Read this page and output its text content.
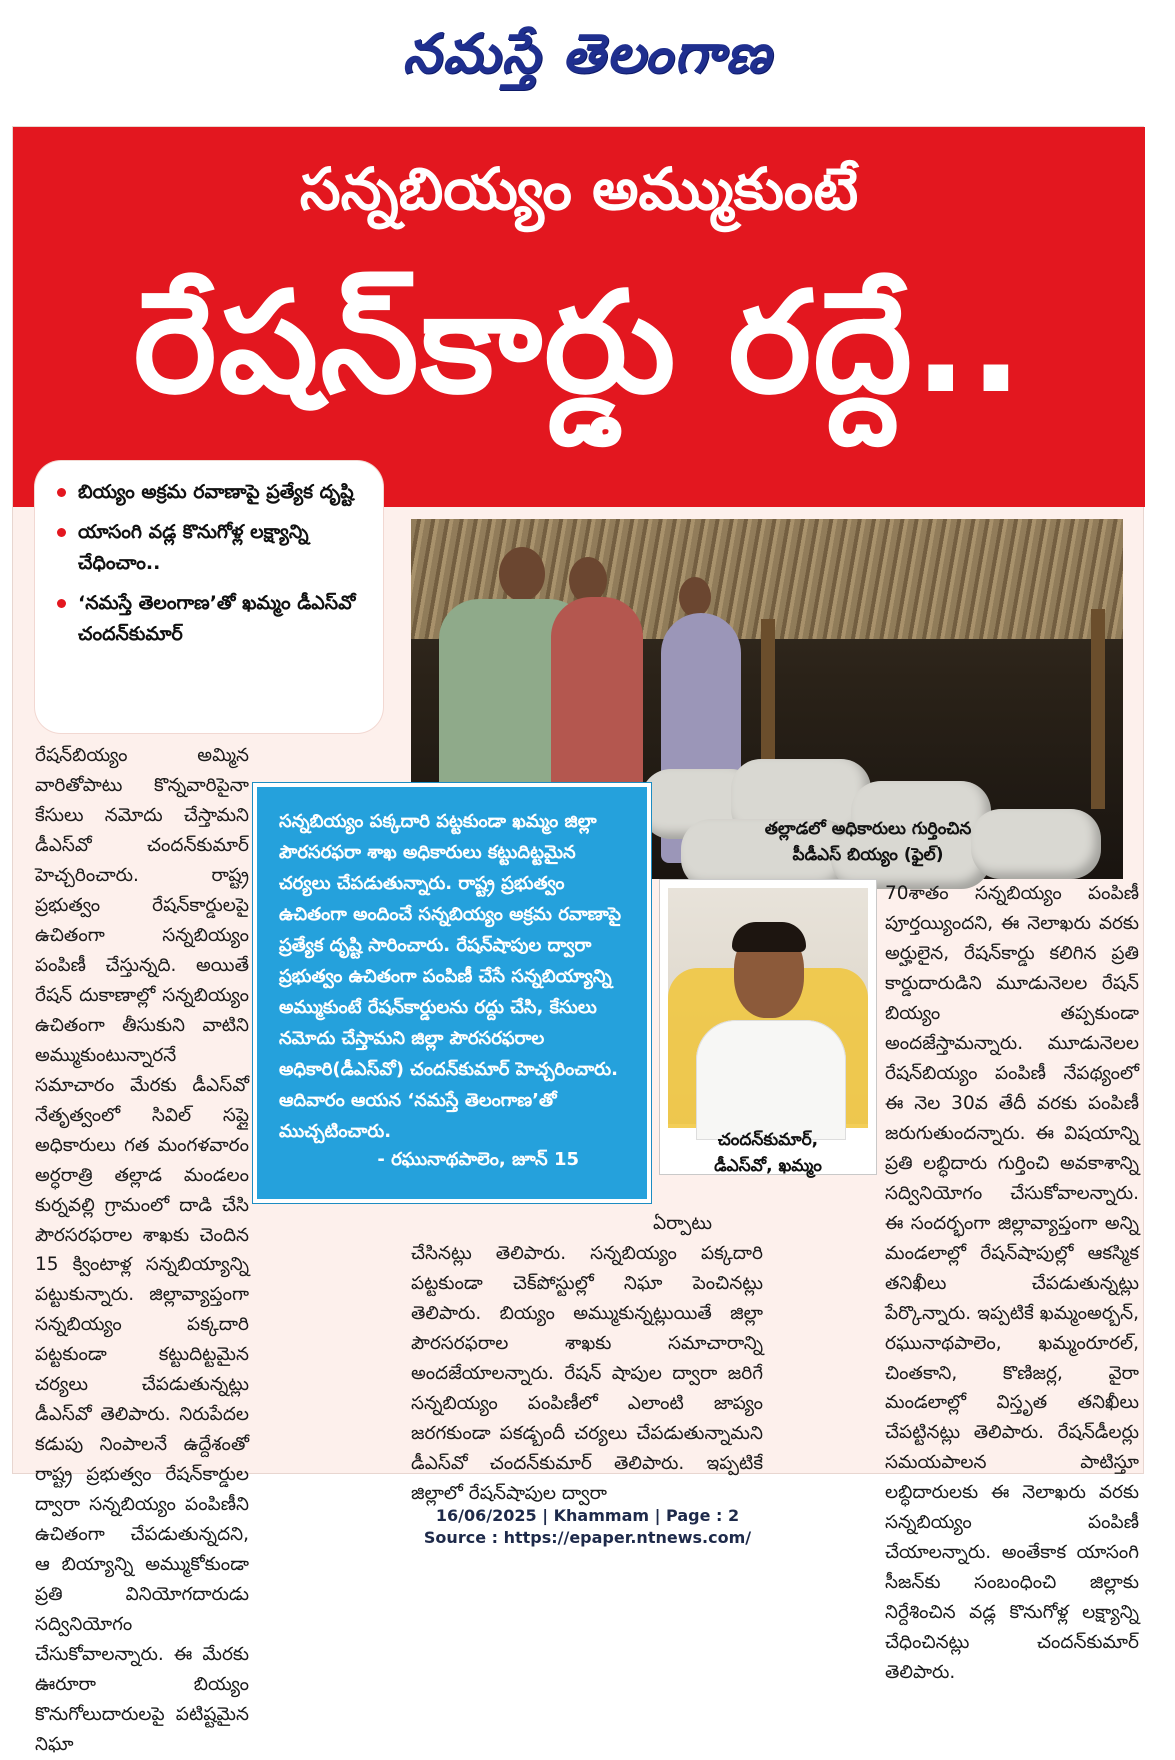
నమస్తే తెలంగాణ
సన్నబియ్యం అమ్ముకుంటే
రేషన్‌కార్డు రద్దే..
బియ్యం అక్రమ రవాణాపై ప్రత్యేక దృష్టి
యాసంగి వడ్ల కొనుగోళ్ల లక్ష్యాన్ని చేధించాం..
‘నమస్తే తెలంగాణ’తో ఖమ్మం డీఎస్‌వో చందన్‌కుమార్
సన్నబియ్యం పక్కదారి పట్టకుండా ఖమ్మం జిల్లా పౌరసరఫరా శాఖ అధికారులు కట్టుదిట్టమైన చర్యలు చేపడుతున్నారు. రాష్ట్ర ప్రభుత్వం ఉచితంగా అందించే సన్నబియ్యం అక్రమ రవాణాపై ప్రత్యేక దృష్టి సారించారు. రేషన్‌షాపుల ద్వారా ప్రభుత్వం ఉచితంగా పంపిణీ చేసే సన్నబియ్యాన్ని అమ్ముకుంటే రేషన్‌కార్డులను రద్దు చేసి, కేసులు నమోదు చేస్తామని జిల్లా పౌరసరఫరాల అధికారి(డీఎస్‌వో) చందన్‌కుమార్ హెచ్చరించారు. ఆదివారం ఆయన ‘నమస్తే తెలంగాణ’తో ముచ్చటించారు.
- రఘునాథపాలెం, జూన్ 15
చందన్‌కుమార్,
డీఎస్‌వో, ఖమ్మం

రేషన్‌బియ్యం అమ్మిన వారితోపాటు కొన్నవారిపైనా కేసులు నమోదు చేస్తామని డీఎస్‌వో చందన్‌కుమార్ హెచ్చరించారు. రాష్ట్ర ప్రభుత్వం రేషన్‌కార్డులపై ఉచితంగా సన్నబియ్యం పంపిణీ చేస్తున్నది. అయితే రేషన్ దుకాణాల్లో సన్నబియ్యం ఉచితంగా తీసుకుని వాటిని అమ్ముకుంటున్నారనే సమాచారం మేరకు డీఎస్‌వో నేతృత్వంలో సివిల్ సప్లై అధికారులు గత మంగళవారం అర్ధరాత్రి తల్లాడ మండలం కుర్నవల్లి గ్రామంలో దాడి చేసి పౌరసరఫరాల శాఖకు చెందిన 15 క్వింటాళ్ల సన్నబియ్యాన్ని పట్టుకున్నారు. జిల్లావ్యాప్తంగా సన్నబియ్యం పక్కదారి పట్టకుండా కట్టుదిట్టమైన చర్యలు చేపడుతున్నట్లు డీఎస్‌వో తెలిపారు. నిరుపేదల కడుపు నింపాలనే ఉద్దేశంతో రాష్ట్ర ప్రభుత్వం రేషన్‌కార్డుల ద్వారా సన్నబియ్యం పంపిణీని ఉచితంగా చేపడుతున్నదని, ఆ బియ్యాన్ని అమ్ముకోకుండా ప్రతి వినియోగదారుడు సద్వినియోగం చేసుకోవాలన్నారు. ఈ మేరకు ఊరూరా బియ్యం కొనుగోలుదారులపై పటిష్టమైన నిఘా

ఏర్పాటు

చేసినట్లు తెలిపారు. సన్నబియ్యం పక్కదారి పట్టకుండా చెక్‌పోస్టుల్లో నిఘా పెంచినట్లు తెలిపారు. బియ్యం అమ్ముకున్నట్లుయితే జిల్లా పౌరసరఫరాల శాఖకు సమాచారాన్ని అందజేయాలన్నారు. రేషన్ షాపుల ద్వారా జరిగే సన్నబియ్యం పంపిణీలో ఎలాంటి జాప్యం జరగకుండా పకడ్బందీ చర్యలు చేపడుతున్నామని డీఎస్‌వో చందన్‌కుమార్ తెలిపారు. ఇప్పటికే జిల్లాలో రేషన్‌షాపుల ద్వారా

70శాతం సన్నబియ్యం పంపిణీ పూర్తయ్యిందని, ఈ నెలాఖరు వరకు అర్హులైన, రేషన్‌కార్డు కలిగిన ప్రతి కార్డుదారుడిని మూడునెలల రేషన్ బియ్యం తప్పకుండా అందజేస్తామన్నారు. మూడునెలల రేషన్‌బియ్యం పంపిణీ నేపథ్యంలో ఈ నెల 30వ తేదీ వరకు పంపిణీ జరుగుతుందన్నారు. ఈ విషయాన్ని ప్రతి లబ్ధిదారు గుర్తించి అవకాశాన్ని సద్వినియోగం చేసుకోవాలన్నారు. ఈ సందర్భంగా జిల్లావ్యాప్తంగా అన్ని మండలాల్లో రేషన్‌షాపుల్లో ఆకస్మిక తనిఖీలు చేపడుతున్నట్లు పేర్కొన్నారు. ఇప్పటికే ఖమ్మంఅర్బన్, రఘునాథపాలెం, ఖమ్మంరూరల్, చింతకాని, కొణిజర్ల, వైరా మండలాల్లో విస్తృత తనిఖీలు చేపట్టినట్లు తెలిపారు. రేషన్‌డీలర్లు సమయపాలన పాటిస్తూ లబ్ధిదారులకు ఈ నెలాఖరు వరకు సన్నబియ్యం పంపిణీ చేయాలన్నారు. అంతేకాక యాసంగి సీజన్‌కు సంబంధించి జిల్లాకు నిర్దేశించిన వడ్ల కొనుగోళ్ల లక్ష్యాన్ని చేధించినట్లు చందన్‌కుమార్ తెలిపారు.

తల్లాడలో అధికారులు గుర్తించిన పీడీఎస్ బియ్యం (ఫైల్)
16/06/2025 | Khammam | Page : 2
Source : https://epaper.ntnews.com/
